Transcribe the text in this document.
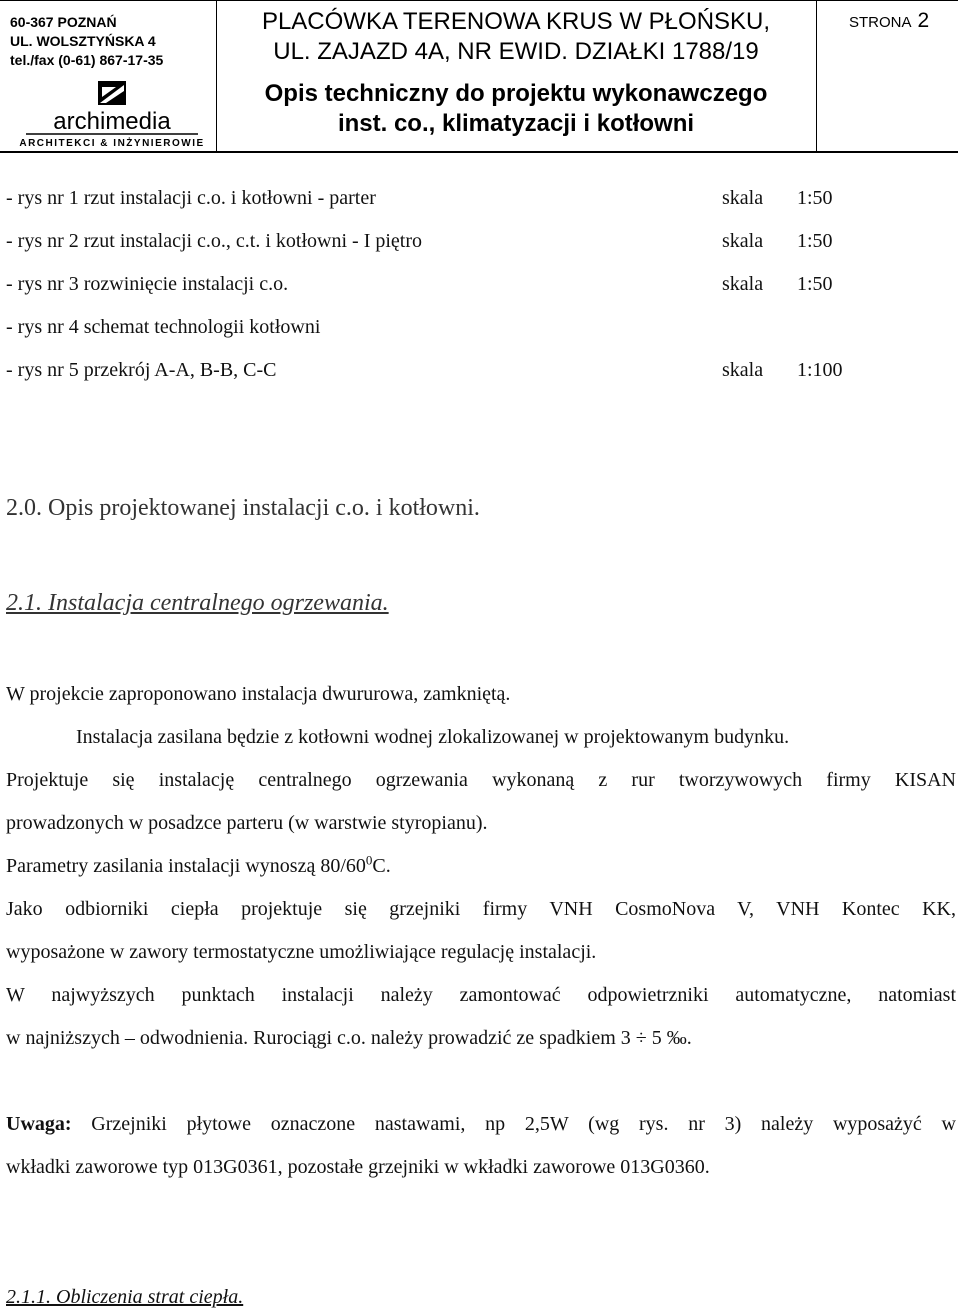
60-367 POZNAŃ
UL. WOLSZTYŃSKA 4
tel./fax (0-61) 867-17-35
archimedia
ARCHITEKCI & INŻYNIEROWIE
PLACÓWKA TERENOWA KRUS W PŁOŃSKU,
UL. ZAJAZD 4A, NR EWID. DZIAŁKI 1788/19
Opis techniczny do projektu wykonawczego
inst. co., klimatyzacji i kotłowni
STRONA 2
- rys nr 1 rzut instalacji c.o. i kotłowni - parter	skala 1:50
- rys nr 2 rzut instalacji c.o., c.t. i kotłowni - I piętro	skala 1:50
- rys nr 3 rozwinięcie instalacji c.o.	skala 1:50
- rys nr 4 schemat technologii kotłowni
- rys nr 5 przekrój A-A, B-B, C-C	skala 1:100
2.0. Opis projektowanej instalacji c.o. i kotłowni.
2.1. Instalacja centralnego ogrzewania.
W projekcie zaproponowano instalacja dwururowa, zamkniętą.
Instalacja zasilana będzie z kotłowni wodnej zlokalizowanej w projektowanym budynku.
Projektuje się instalację centralnego ogrzewania wykonaną z rur tworzywowych firmy KISAN
prowadzonych w posadzce parteru (w warstwie styropianu).
Parametry zasilania instalacji wynoszą $80/60^0C$.
Jako odbiorniki ciepła projektuje się grzejniki firmy VNH CosmoNova V, VNH Kontec KK,
wyposażone w zawory termostatyczne umożliwiające regulację instalacji.
W najwyższych punktach instalacji należy zamontować odpowietrzniki automatyczne, natomiast
w najniższych – odwodnienia. Rurociągi c.o. należy prowadzić ze spadkiem 3 ÷ 5 ‰.
Uwaga: Grzejniki płytowe oznaczone nastawami, np 2,5W (wg rys. nr 3) należy wyposażyć w
wkładki zaworowe typ 013G0361, pozostałe grzejniki w wkładki zaworowe 013G0360.
2.1.1. Obliczenia strat ciepła.
